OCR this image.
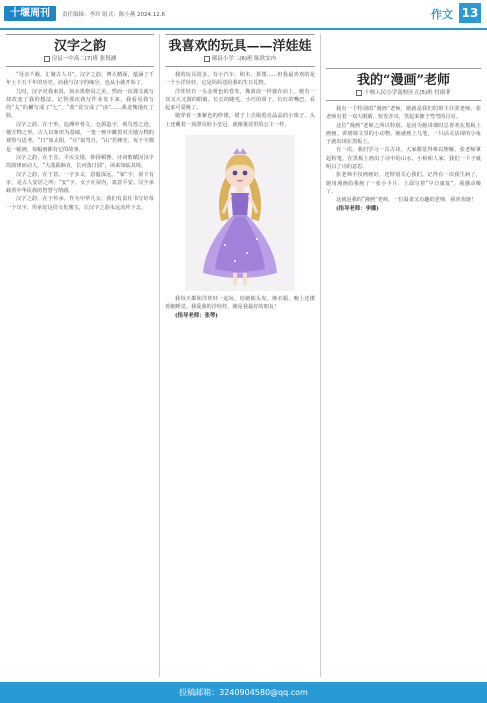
十堰周刊	责任编辑：李玲 组式：陈小燕 2024.12.6	作文 13
汉字之韵
房县一中高二(7)班 张锐涵

“母亲千载，汇聚古人书”。汉字之韵，博大精深，蕴涵了千年上下五千年的历史。而我与汉字的缘分，也从小就开始了。

儿时，汉字对我来说，如水墨格局之美，然而一次课文就写却改变了我的想法。记得那次我写作业发下来，我看见我写的“戈”的撇写成了“七”，“盐”竟写成了“卤”……我羞愧地红了脸。

汉字之韵，在于形。追溯甲骨文，仓颉造字，观鸟兽之迹，描万物之形。古人以象形为基础，一笔一画中藏着对天地万物的观察与思考。“日”如太阳，“月”似弯月，“山”若峰峦。每个字都是一幅画，每幅画都有它的故事。

汉字之韵，在于音。平仄交错，抑扬顿挫。诗词歌赋因汉字的韵律而动人，“大漠孤烟直，长河落日圆”，读来如临其境。

汉字之韵，在于意。一字多义，意蕴深远。“家”字，屋下有豕，是古人安居之所；“安”字，女子在屋内，寓意平安。汉字承载着中华民族的智慧与情感。

汉字之韵，在于传承。作为中华儿女，我们有责任书写好每一个汉字，传承好这份文化瑰宝，让汉字之韵永远流传下去。

我喜欢的玩具——洋娃娃
郧县小学二(6)班 陈欣安冉

我的玩具很多，有小汽车、积木、拼图……但我最喜欢的是一个小洋娃娃，它是妈妈送给我的生日礼物。

洋娃娃有一头金黄色的卷发，像波浪一样披在肩上。她有一双又大又圆的眼睛，长长的睫毛，小巧的鼻子，红红的嘴巴，看起来可爱极了。

她穿着一条紫色的纱裙，裙子上点缀着亮晶晶的小珠子，头上还戴着一顶漂亮的小皇冠，就像童话里的公主一样。

我每天都和洋娃娃一起玩，给她梳头发、换衣服，晚上还搂着她睡觉。我爱我的洋娃娃，她是我最好的朋友！

(指导老师：张琴)

我的“漫画”老师
十堰人民小学南校区五(5)班 付雨菲

我有一个特别的“漫画”老师，她就是我们的班主任张老师。张老师有着一双大眼睛，短发齐耳，笑起来像个弯弯的月亮。

这位“漫画”老师之所以特别，是因为她讲课时总喜欢在黑板上画画。讲到课文里的小动物，她就画上几笔，一只活灵活现的小兔子就出现在黑板上。

有一次，我们学习一首古诗，大家都觉得难以理解。张老师拿起粉笔，在黑板上画出了诗中的山水、小桥和人家，我们一下子就明白了诗的意思。

张老师不仅画画好，还特别关心我们。记得有一次我生病了，她用漫画给我画了一张小卡片，上面写着“早日康复”，我感动极了。

这就是我的“漫画”老师，一位温柔又有趣的老师，我喜欢她！

(指导老师：李娜)

投稿邮箱：3240904580@qq.com
